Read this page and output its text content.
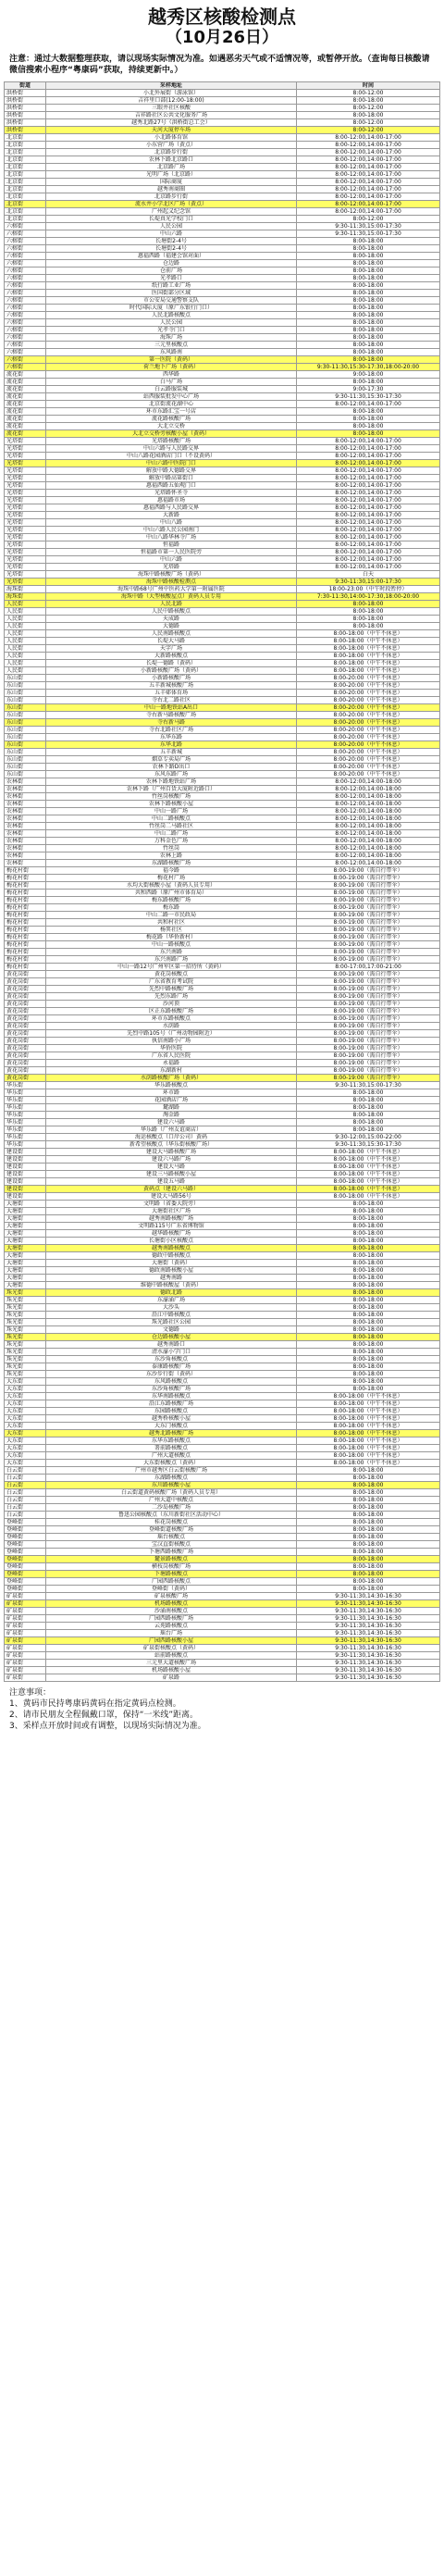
越秀区核酸检测点
（10月26日）
注意：通过大数据整理获取，请以现场实际情况为准。如遇恶劣天气或不适情况等，或暂停开放。（查询每日核酸请微信搜索小程序“粤康码”获取，持续更新中。）
街道	采样地址	时间
洪桥街	小北外展街（游泳馆）	8:00-12:00
洪桥街	吉祥里口部(12:00-18:00)	8:00-18:00
洪桥街	三眼井社区核酸	8:00-12:00
洪桥街	吉祥路社区公共文化服务广场	8:00-18:00
洪桥街	越秀北路27号（洪桥街总工会）	8:00-12:00
洪桥街	天河大厦停车场	8:00-12:00
北京街	小北路体育馆	8:00-12:00,14:00-17:00
北京街	小东营广场（黄点）	8:00-12:00,14:00-17:00
北京街	北京路步行街	8:00-12:00,14:00-17:00
北京街	农林下路北京路口	8:00-12:00,14:00-17:00
北京街	北京路广场	8:00-12:00,14:00-17:00
北京街	光明广场（北京路）	8:00-12:00,14:00-17:00
北京街	国际商厦	8:00-12:00,14:00-17:00
北京街	越秀南商圈	8:00-12:00,14:00-17:00
北京街	北京路步行街	8:00-12:00,14:00-17:00
北京街	流水井小学北区广场（黄点）	8:00-12:00,14:00-17:00
北京街	广州起义纪念馆	8:00-12:00,14:00-17:00
北京街	长堤真光学校门口	8:00-12:00
六榕街	人民公园	9:30-11:30,15:00-17:30
六榕街	中山六路	9:30-11:30,15:00-17:30
六榕街	长塘街2-4号	8:00-18:00
六榕街	长塘街2-4号	8:00-18:00
六榕街	惠福西路（福建会馆对面）	8:00-18:00
六榕街	仓边路	8:00-18:00
六榕街	仓前广场	8:00-18:00
六榕街	光孝路口	8:00-18:00
六榕街	纸行路工业广场	8:00-18:00
六榕街	医国街部分区域	8:00-18:00
六榕街	市公安局交通警察支队	8:00-18:00
六榕街	时代国际大厦（原广东银行门口）	8:00-18:00
六榕街	人民北路核酸点	8:00-18:00
六榕街	人民公园	8:00-18:00
六榕街	光孝寺门口	8:00-18:00
六榕街	海珠广场	8:00-18:00
六榕街	三元里核酸点	8:00-18:00
六榕街	东风路南	8:00-18:00
六榕街	第一医院（黄码）	8:00-18:00
六榕街	荷兰地下广场（黄码）	9:30-11:30,15:30-17:30,18:00-20:00
流花街	西华路	9:00-18:00
流花街	白马广场	8:00-18:00
流花街	白云路服装城	9:00-17:30
流花街	站西服装批发中心广场	9:30-11:30,15:30-17:30
流花街	北京街流花湖中心	8:00-12:00,14:00-17:00
流花街	环市东路汇宝一号店	8:00-18:00
流花街	流花路核酸广场	8:00-18:00
流花街	大北立交桥	8:00-18:00
流花街	大北立交桥旁核酸小屋（黄码）	8:00-18:00
光塔街	光塔路核酸广场	8:00-12:00,14:00-17:00
光塔街	中山六路与人民路交界	8:00-12:00,14:00-17:00
光塔街	中山八路花园酒店门口（不设黄码）	8:00-12:00,14:00-17:00
光塔街	中山六路中医院门口	8:00-12:00,14:00-17:00
光塔街	解放中路大德路交界	8:00-12:00,14:00-17:00
光塔街	解放中路高第街口	8:00-12:00,14:00-17:00
光塔街	惠福西路五仙观门口	8:00-12:00,14:00-17:00
光塔街	光塔路怀圣寺	8:00-12:00,14:00-17:00
光塔街	惠福路市场	8:00-12:00,14:00-17:00
光塔街	惠福西路与人民路交界	8:00-12:00,14:00-17:00
光塔街	大新路	8:00-12:00,14:00-17:00
光塔街	中山八路	8:00-12:00,14:00-17:00
光塔街	中山六路人民公园南门	8:00-12:00,14:00-17:00
光塔街	中山八路华林寺广场	8:00-12:00,14:00-17:00
光塔街	恒福路	8:00-12:00,14:00-17:00
光塔街	恒福路市第一人民医院旁	8:00-12:00,14:00-17:00
光塔街	中山六路	8:00-12:00,14:00-17:00
光塔街	光塔路	8:00-12:00,14:00-17:00
光塔街	海珠中路核酸广场（黄码）	白天
光塔街	海珠中路核酸检测点	9:30-11:30,15:00-17:30
海珠街	海珠中路68号广州中医药大学第一附属医院	18:00-23:00（中午时段暂停）
海珠街	海珠中路（大型核酸屋点）黄码人员专用	7:30-11:30,14:00-17:30,18:00-20:00
人民街	人民北路	8:00-18:00
人民街	人民中路核酸点	8:00-18:00
人民街	天成路	8:00-18:00
人民街	大德路	8:00-18:00
人民街	人民南路核酸点	8:00-18:00（中午不休息）
人民街	长堤大马路	8:00-18:00（中午不休息）
人民街	天字广场	8:00-18:00（中午不休息）
人民街	大新路核酸点	8:00-18:00（中午不休息）
人民街	长堤一德路（黄码）	8:00-18:00（中午不休息）
人民街	小新路核酸广场（黄码）	8:00-18:00（中午不休息）
东山街	小新路核酸广场	8:00-20:00（中午不休息）
东山街	五羊新城核酸广场	8:00-20:00（中午不休息）
东山街	五羊邨体育场	8:00-20:00（中午不休息）
东山街	寺右北二路社区	8:00-20:00（中午不休息）
东山街	中山一路地铁站A出口	8:00-20:00（中午不休息）
东山街	寺右新马路核酸广场	8:00-20:00（中午不休息）
东山街	寺右新马路	8:00-20:00（中午不休息）
东山街	寺右北路社区广场	8:00-20:00（中午不休息）
东山街	东华东路	8:00-20:00（中午不休息）
东山街	东华北路	8:00-20:00（中午不休息）
东山街	五羊新城	8:00-20:00（中午不休息）
东山街	烟草专卖局广场	8:00-20:00（中午不休息）
东山街	农林下路D出口	8:00-20:00（中午不休息）
东山街	东风东路广场	8:00-20:00（中午不休息）
农林街	农林下路地铁站广场	8:00-12:00,14:00-18:00
农林街	农林下路（广州百货大厦附近路口）	8:00-12:00,14:00-18:00
农林街	竹丝岗核酸广场	8:00-12:00,14:00-18:00
农林街	农林下路核酸小屋	8:00-12:00,14:00-18:00
农林街	中山一路广场	8:00-12:00,14:00-18:00
农林街	中山二路核酸点	8:00-12:00,14:00-18:00
农林街	竹丝岗二马路社区	8:00-12:00,14:00-18:00
农林街	中山二路广场	8:00-12:00,14:00-18:00
农林街	万科金色广场	8:00-12:00,14:00-18:00
农林街	竹丝岗	8:00-12:00,14:00-18:00
农林街	农林上路	8:00-12:00,14:00-18:00
农林街	东湖路核酸广场	8:00-12:00,14:00-18:00
梅花村街	福今路	8:00-19:00（需自行带伞）
梅花村街	梅花村广场	8:00-19:00（需自行带伞）
梅花村街	水均大街核酸小屋（黄码人员专用）	8:00-19:00（需自行带伞）
梅花村街	共和西路（原广州市体育局）	8:00-19:00（需自行带伞）
梅花村街	梅东路核酸广场	8:00-19:00（需自行带伞）
梅花村街	梅东路	8:00-19:00（需自行带伞）
梅花村街	中山二路一市民政局	8:00-19:00（需自行带伞）
梅花村街	共和村社区	8:00-19:00（需自行带伞）
梅花村街	杨箕社区	8:00-19:00（需自行带伞）
梅花村街	梅花路（华侨新村）	8:00-19:00（需自行带伞）
梅花村街	中山一路核酸点	8:00-19:00（需自行带伞）
梅花村街	东兴南路	8:00-19:00（需自行带伞）
梅花村街	东兴南路广场	8:00-19:00（需自行带伞）
梅花村街	中山一路12号广州军区第一招待所（黄码）	8:00-17:00,17:00-21:00
黄花岗街	黄花岗核酸点	8:00-19:00（需自行带伞）
黄花岗街	广东省教育考试院	8:00-19:00（需自行带伞）
黄花岗街	先烈中路核酸广场	8:00-19:00（需自行带伞）
黄花岗街	先烈东路广场	8:00-19:00（需自行带伞）
黄花岗街	沙河顶	8:00-19:00（需自行带伞）
黄花岗街	区正东路核酸广场	8:00-19:00（需自行带伞）
黄花岗街	环市东路核酸点	8:00-19:00（需自行带伞）
黄花岗街	水荫路	8:00-19:00（需自行带伞）
黄花岗街	先烈中路105号（广州动物园附近）	8:00-19:00（需自行带伞）
黄花岗街	执信南路小广场	8:00-19:00（需自行带伞）
黄花岗街	华侨医院	8:00-19:00（需自行带伞）
黄花岗街	广东省人民医院	8:00-19:00（需自行带伞）
黄花岗街	永福路	8:00-19:00（需自行带伞）
黄花岗街	东湖新村	8:00-19:00（需自行带伞）
黄花岗街	水荫路核酸广场（黄码）	8:00-19:00（需自行带伞）
华乐街	华乐路核酸点	9:30-11:30,15:00-17:30
华乐街	环市路	8:00-18:00
华乐街	花园酒店广场	8:00-18:00
华乐街	麓湖路	8:00-18:00
华乐街	淘金路	8:00-18:00
华乐街	建设六马路	8:00-18:00
华乐街	华乐路（广州友谊商店）	8:00-18:00
华乐街	海运核酸点（口岸公司）黄码	9:30-12:00,15:00-22:00
华乐街	新希望核酸点（华乐街核酸广场）	9:30-11:30,15:30-17:30
建设街	建设大马路核酸广场	8:00-18:00（中午不休息）
建设街	建设六马路广场	8:00-18:00（中午不休息）
建设街	建设大马路	8:00-18:00（中午不休息）
建设街	建设三马路核酸小屋	8:00-18:00（中午不休息）
建设街	建设五马路	8:00-18:00（中午不休息）
建设街	黄码点（建设六马路）	8:00-18:00（中午不休息）
建设街	建设大马路56号	8:00-18:00（中午不休息）
大塘街	文明路（省委大院旁）	8:00-18:00
大塘街	大塘街社区广场	8:00-18:00
大塘街	越秀南路核酸广场	8:00-18:00
大塘街	文明路115号广东省博物馆	8:00-18:00
大塘街	越华路核酸广场	8:00-18:00
大塘街	长塘街小区核酸点	8:00-18:00
大塘街	越秀南路核酸点	8:00-18:00
大塘街	德政中路核酸点	8:00-18:00
大塘街	大塘街（黄码）	8:00-18:00
大塘街	德政南路核酸小屋	8:00-18:00
大塘街	越秀南路	8:00-18:00
大塘街	维德中路核酸屋（黄码）	8:00-18:00
珠光街	德政北路	8:00-18:00
珠光街	东濠涌广场	8:00-18:00
珠光街	大沙头	8:00-18:00
珠光街	沿江中路核酸点	8:00-18:00
珠光街	珠光路社区公园	8:00-18:00
珠光街	文德路	8:00-18:00
珠光街	仓边路核酸小屋	8:00-18:00
珠光街	越秀南路口	8:00-18:00
珠光街	清水濠小学门口	8:00-18:00
珠光街	东沙角核酸点	8:00-18:00
珠光街	泰康路核酸广场	8:00-18:00
珠光街	东沙步行街（黄码）	8:00-18:00
大东街	东风路核酸点	8:00-18:00
大东街	东沙角核酸广场	8:00-18:00
大东街	东华南路核酸点	8:00-18:00（中午不休息）
大东街	沿江东路核酸广场	8:00-18:00（中午不休息）
大东街	东园路核酸点	8:00-18:00（中午不休息）
大东街	越秀桥核酸小屋	8:00-18:00（中午不休息）
大东街	大东门核酸点	8:00-18:00（中午不休息）
大东街	越秀北路核酸广场	8:00-18:00（中午不休息）
大东街	东华东路核酸点	8:00-18:00（中午不休息）
大东街	署前路核酸点	8:00-18:00（中午不休息）
大东街	广州大道核酸点	8:00-18:00（中午不休息）
大东街	大东街核酸点（黄码）	8:00-18:00（中午不休息）
白云街	广州市越秀区白云街核酸广场	8:00-18:00
白云街	东湖路核酸点	8:00-18:00
白云街	东川路核酸小屋	8:00-18:00
白云街	白云街道黄码核酸广场（黄码人员专用）	8:00-18:00
白云街	广州大道中核酸点	8:00-18:00
白云街	二沙岛核酸广场	8:00-18:00
白云街	鲁迅公园核酸点（东川新街社区活动中心）	8:00-18:00
登峰街	桂花岗核酸点	8:00-18:00
登峰街	登峰街道核酸广场	8:00-18:00
登峰街	瑶台核酸点	8:00-18:00
登峰街	宝汉直街核酸点	8:00-18:00
登峰街	下塘西路核酸广场	8:00-18:00
登峰街	麓景路核酸点	8:00-18:00
登峰街	横枝岗核酸广场	8:00-18:00
登峰街	下塘路核酸点	8:00-18:00
登峰街	广园西路核酸点	8:00-18:00
登峰街	登峰街（黄码）	8:00-18:00
矿泉街	矿泉核酸广场	9:30-11:30,14:30-16:30
矿泉街	机场路核酸点	9:30-11:30,14:30-16:30
矿泉街	沙涌南核酸点	9:30-11:30,14:30-16:30
矿泉街	广园西路核酸广场	9:30-11:30,14:30-16:30
矿泉街	云苑路核酸点	9:30-11:30,14:30-16:30
矿泉街	瑶台广场	9:30-11:30,14:30-16:30
矿泉街	广园西路核酸小屋	9:30-11:30,14:30-16:30
矿泉街	矿泉街核酸点（黄码）	9:30-11:30,14:30-16:30
矿泉街	站前路核酸点	9:30-11:30,14:30-16:30
矿泉街	三元里大道核酸广场	9:30-11:30,14:30-16:30
矿泉街	机场路核酸小屋	9:30-11:30,14:30-16:30
矿泉街	矿泉路	9:30-11:30,14:30-16:30
注意事项：
1、黄码市民持粤康码黄码在指定黄码点检测。
2、请市民朋友全程佩戴口罩，保持“一米线”距离。
3、采样点开放时间或有调整，以现场实际情况为准。
